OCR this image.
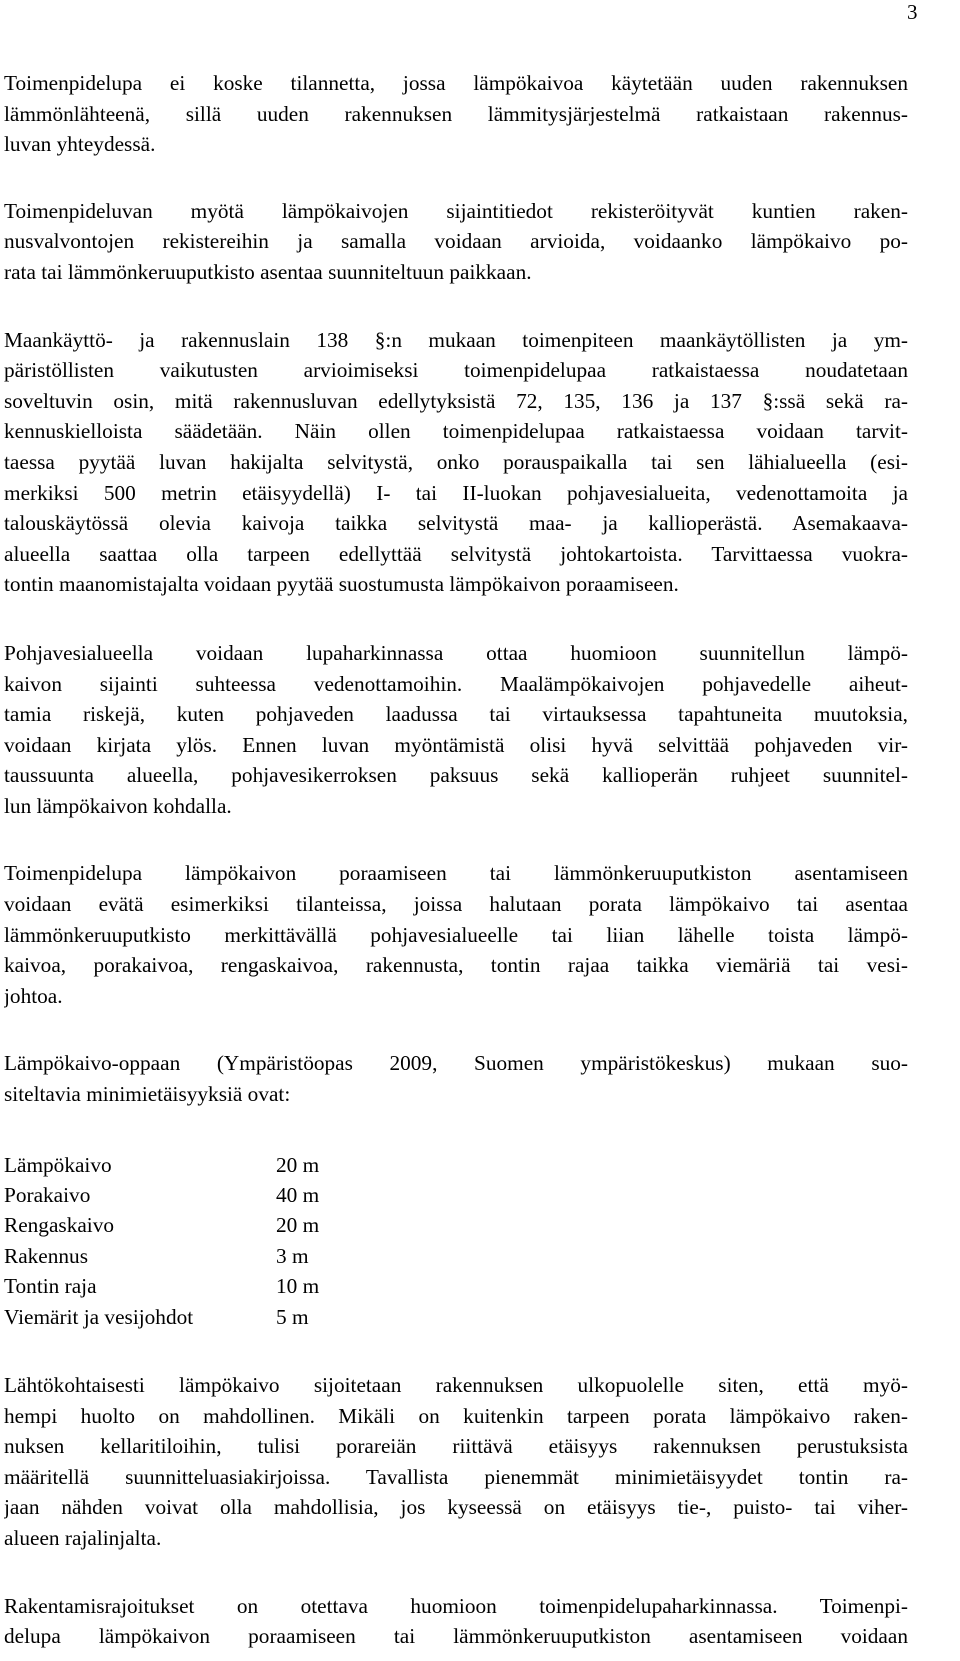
3

Toimenpidelupa ei koske tilannetta, jossa lämpökaivoa käytetään uuden rakennuksen
lämmönlähteenä, sillä uuden rakennuksen lämmitysjärjestelmä ratkaistaan rakennus-
luvan yhteydessä.

Toimenpideluvan myötä lämpökaivojen sijaintitiedot rekisteröityvät kuntien raken-
nusvalvontojen rekistereihin ja samalla voidaan arvioida, voidaanko lämpökaivo po-
rata tai lämmönkeruuputkisto asentaa suunniteltuun paikkaan.

Maankäyttö- ja rakennuslain 138 §:n mukaan toimenpiteen maankäytöllisten ja ym-
päristöllisten vaikutusten arvioimiseksi toimenpidelupaa ratkaistaessa noudatetaan
soveltuvin osin, mitä rakennusluvan edellytyksistä 72, 135, 136 ja 137 §:ssä sekä ra-
kennuskielloista säädetään. Näin ollen toimenpidelupaa ratkaistaessa voidaan tarvit-
taessa pyytää luvan hakijalta selvitystä, onko porauspaikalla tai sen lähialueella (esi-
merkiksi 500 metrin etäisyydellä) I- tai II-luokan pohjavesialueita, vedenottamoita ja
talouskäytössä olevia kaivoja taikka selvitystä maa- ja kallioperästä. Asemakaava-
alueella saattaa olla tarpeen edellyttää selvitystä johtokartoista. Tarvittaessa vuokra-
tontin maanomistajalta voidaan pyytää suostumusta lämpökaivon poraamiseen.

Pohjavesialueella voidaan lupaharkinnassa ottaa huomioon suunnitellun lämpö-
kaivon sijainti suhteessa vedenottamoihin. Maalämpökaivojen pohjavedelle aiheut-
tamia riskejä, kuten pohjaveden laadussa tai virtauksessa tapahtuneita muutoksia,
voidaan kirjata ylös. Ennen luvan myöntämistä olisi hyvä selvittää pohjaveden vir-
taussuunta alueella, pohjavesikerroksen paksuus sekä kallioperän ruhjeet suunnitel-
lun lämpökaivon kohdalla.

Toimenpidelupa lämpökaivon poraamiseen tai lämmönkeruuputkiston asentamiseen
voidaan evätä esimerkiksi tilanteissa, joissa halutaan porata lämpökaivo tai asentaa
lämmönkeruuputkisto merkittävällä pohjavesialueelle tai liian lähelle toista lämpö-
kaivoa, porakaivoa, rengaskaivoa, rakennusta, tontin rajaa taikka viemäriä tai vesi-
johtoa.

Lämpökaivo-oppaan (Ympäristöopas 2009, Suomen ympäristökeskus) mukaan suo-
siteltavia minimietäisyyksiä ovat:

Lämpökaivo	20 m
Porakaivo	40 m
Rengaskaivo	20 m
Rakennus	3 m
Tontin raja	10 m
Viemärit ja vesijohdot	5 m

Lähtökohtaisesti lämpökaivo sijoitetaan rakennuksen ulkopuolelle siten, että myö-
hempi huolto on mahdollinen. Mikäli on kuitenkin tarpeen porata lämpökaivo raken-
nuksen kellaritiloihin, tulisi porareiän riittävä etäisyys rakennuksen perustuksista
määritellä suunnitteluasiakirjoissa. Tavallista pienemmät minimietäisyydet tontin ra-
jaan nähden voivat olla mahdollisia, jos kyseessä on etäisyys tie-, puisto- tai viher-
alueen rajalinjalta.

Rakentamisrajoitukset on otettava huomioon toimenpidelupaharkinnassa. Toimenpi-
delupa lämpökaivon poraamiseen tai lämmönkeruuputkiston asentamiseen voidaan
